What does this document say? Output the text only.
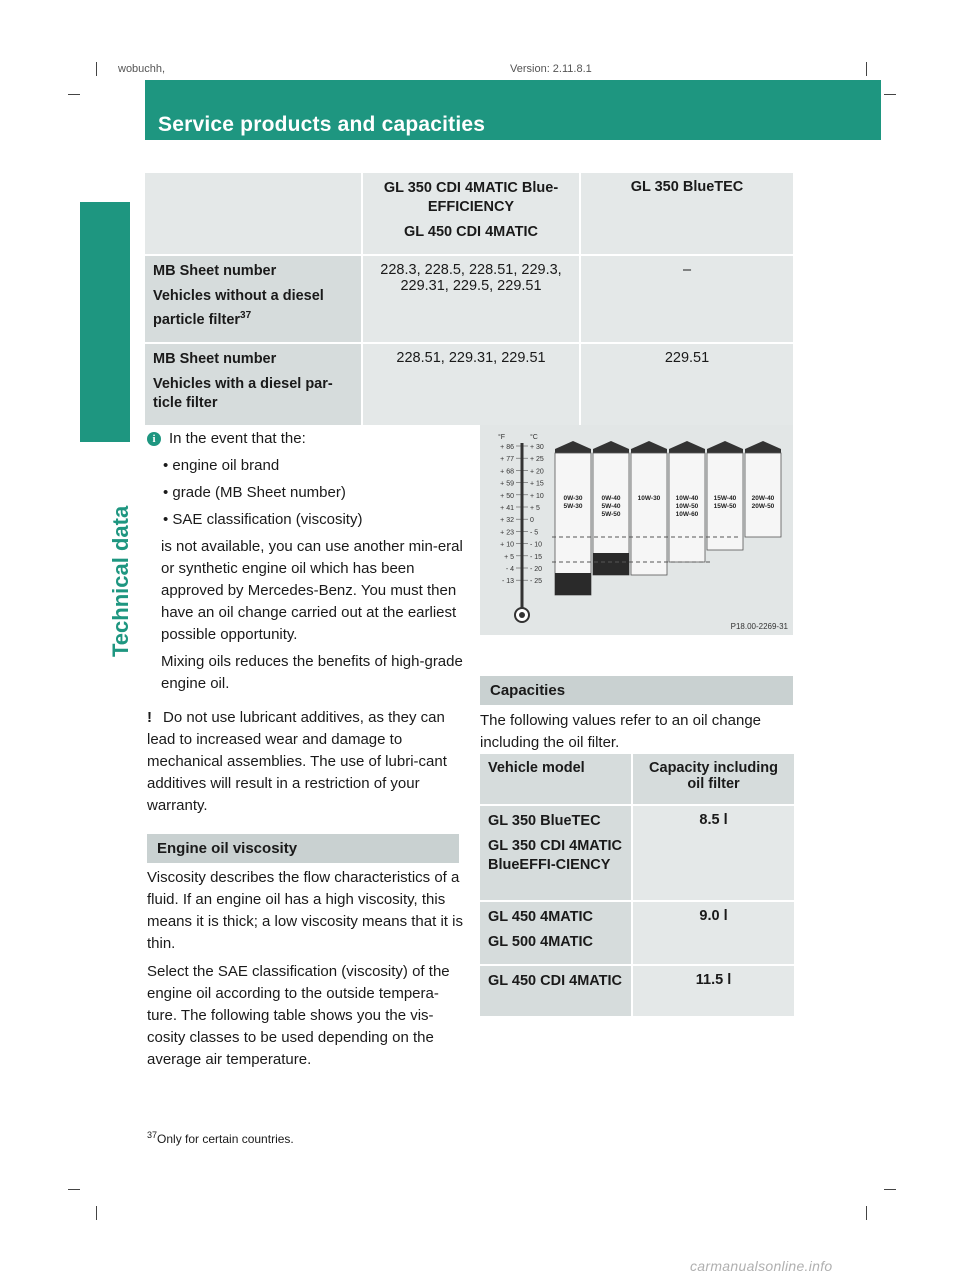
wobuchh,	Version: 2.11.8.1
290 Service products and capacities
Technical data

	GL 350 CDI 4MATIC Blue-
EFFICIENCY

GL 450 CDI 4MATIC	GL 350 BlueTEC

MB Sheet number

Vehicles without a diesel

particle filter$^{37}$	228.3, 228.5, 228.51, 229.3, 229.31, 229.5, 229.51	–

MB Sheet number

Vehicles with a diesel par-
ticle filter	228.51, 229.31, 229.51	229.51
i In the event that the:
• engine oil brand
• grade (MB Sheet number)
• SAE classification (viscosity)
is not available, you can use another min-eral or synthetic engine oil which has been approved by Mercedes-Benz. You must then have an oil change carried out at the earliest possible opportunity.
Mixing oils reduces the benefits of high-grade engine oil.
! Do not use lubricant additives, as they can lead to increased wear and damage to mechanical assemblies. The use of lubri-cant additives will result in a restriction of your warranty.
Engine oil viscosity
Viscosity describes the flow characteristics of a fluid. If an engine oil has a high viscosity, this means it is thick; a low viscosity means that it is thin.
Select the SAE classification (viscosity) of the engine oil according to the outside tempera-ture. The following table shows you the vis-cosity classes to be used depending on the average air temperature.
°F	°C
+ 86 + 30
+ 77 + 25
+ 68 + 20
+ 59 + 15
+ 50 + 10
+ 41 + 5
+ 32 0
+ 23 - 5
+ 10 - 10
+ 5 - 15
- 4 - 20
- 13 - 25
0W-30
5W-30
0W-40
5W-40
5W-50
10W-30 10W-40
10W-50
10W-60
15W-40
15W-50
20W-40
20W-50
P18.00-2269-31
Capacities
The following values refer to an oil change including the oil filter.
Vehicle model	Capacity including
oil filter

GL 350 BlueTEC

GL 350 CDI 4MATIC BlueEFFI-CIENCY	8.5 l

GL 450 4MATIC

GL 500 4MATIC	9.0 l

GL 450 CDI 4MATIC	11.5 l
$^{37}$Only for certain countries.
carmanualsonline.info
